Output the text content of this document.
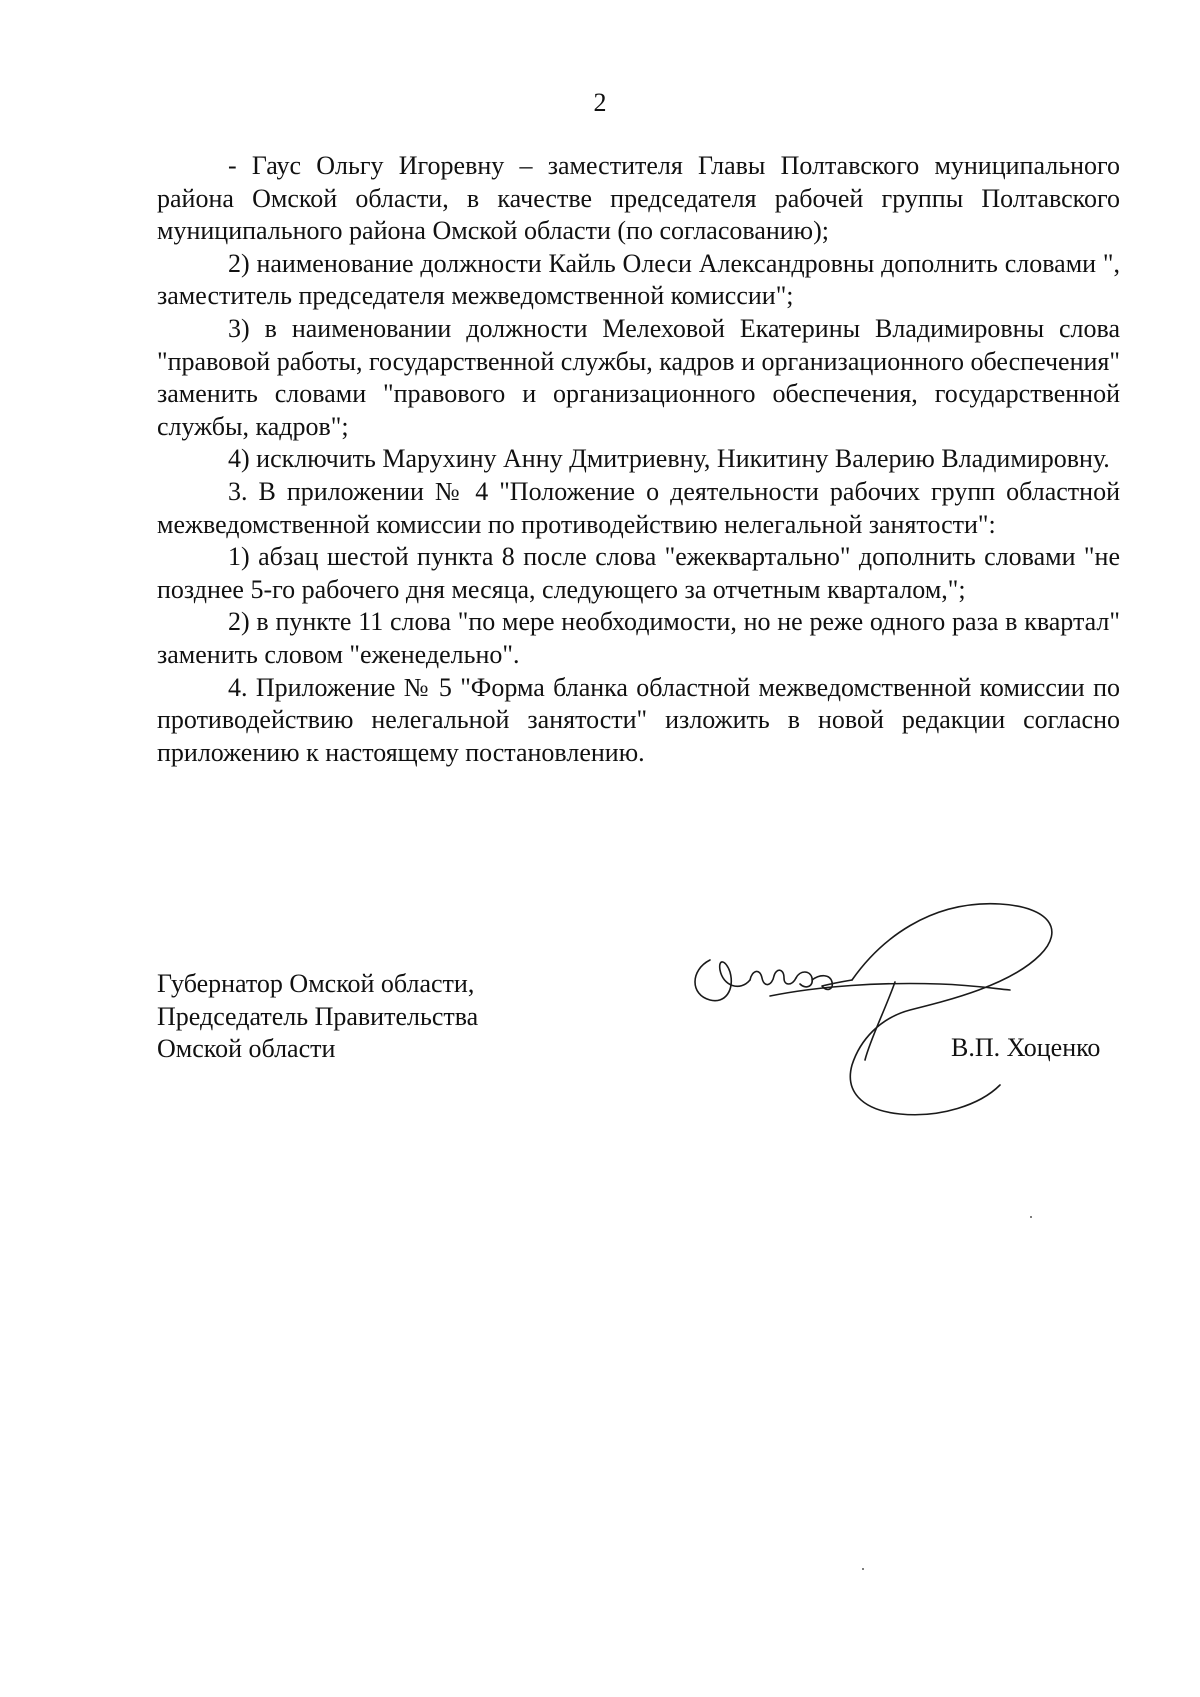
2

- Гаус Ольгу Игоревну – заместителя Главы Полтавского муниципального района Омской области, в качестве председателя рабочей группы Полтавского муниципального района Омской области (по согласованию);

2) наименование должности Кайль Олеси Александровны дополнить словами ", заместитель председателя межведомственной комиссии";

3) в наименовании должности Мелеховой Екатерины Владимировны слова "правовой работы, государственной службы, кадров и организационного обеспечения" заменить словами "правового и организационного обеспечения, государственной службы, кадров";

4) исключить Марухину Анну Дмитриевну, Никитину Валерию Владимировну.

3. В приложении № 4 "Положение о деятельности рабочих групп областной межведомственной комиссии по противодействию нелегальной занятости":

1) абзац шестой пункта 8 после слова "ежеквартально" дополнить словами "не позднее 5-го рабочего дня месяца, следующего за отчетным кварталом,";

2) в пункте 11 слова "по мере необходимости, но не реже одного раза в квартал" заменить словом "еженедельно".

4. Приложение № 5 "Форма бланка областной межведомственной комиссии по противодействию нелегальной занятости" изложить в новой редакции согласно приложению к настоящему постановлению.

Губернатор Омской области,
Председатель Правительства
Омской области	В.П. Хоценко
